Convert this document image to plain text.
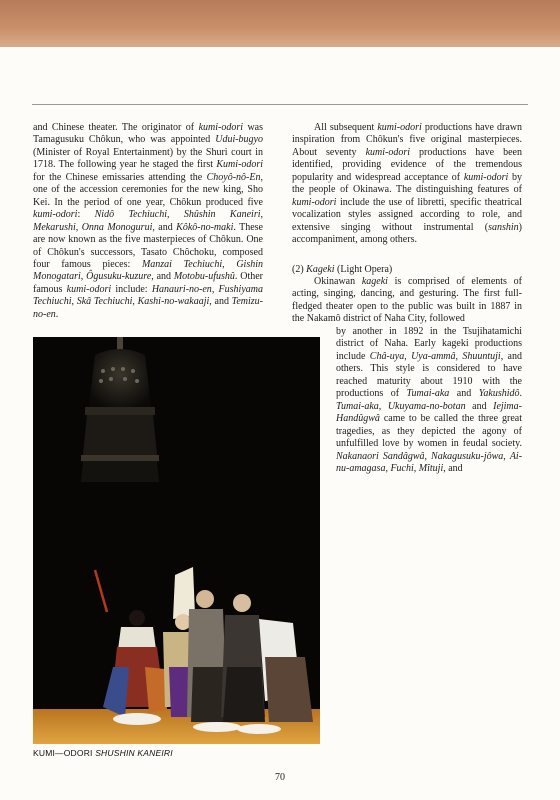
and Chinese theater. The originator of kumi-odori was Tamagusuku Chôkun, who was appointed Udui-bugyo (Minister of Royal Entertainment) by the Shuri court in 1718. The following year he staged the first Kumi-odori for the Chinese emissaries attending the Choyô-nô-En, one of the accession ceremonies for the new king, Sho Kei. In the period of one year, Chôkun produced five kumi-odori: Nidô Techiuchi, Shûshin Kaneiri, Mekarushi, Onna Monogurui, and Kôkô-no-maki. These are now known as the five masterpieces of Chôkun. One of Chôkun's successors, Tasato Chôchoku, composed four famous pieces: Manzai Techiuchi, Gishin Monogatari, Ôgusuku-kuzure, and Motobu-ufushû. Other famous kumi-odori include: Hanauri-no-en, Fushiyama Techiuchi, Skâ Techiuchi, Kashi-no-wakaaji, and Temizu-no-en.

All subsequent kumi-odori productions have drawn inspiration from Chôkun's five original masterpieces. About seventy kumi-odori productions have been identified, providing evidence of the tremendous popularity and widespread acceptance of kumi-odori by the people of Okinawa. The distinguishing features of kumi-odori include the use of libretti, specific theatrical vocalization styles assigned according to role, and extensive singing without instrumental (sanshin) accompaniment, among others.

(2) Kageki (Light Opera)

Okinawan kageki is comprised of elements of acting, singing, dancing, and gesturing. The first full-fledged theater open to the public was built in 1887 in the Nakamô district of Naha City, followed

by another in 1892 in the Tsujihatamichi district of Naha. Early kageki productions include Châ-uya, Uya-ammâ, Shuuntuji, and others. This style is considered to have reached maturity about 1910 with the productions of Tumai-aka and Yakushidô. Tumai-aka, Ukuyama-no-botan and Iejima-Handûgwâ came to be called the three great tragedies, as they depicted the agony of unfulfilled love by women in feudal society. Nakanaori Sandâgwâ, Nakagusuku-jôwa, Ai-nu-amagasa, Fuchi, Mîtuji, and

KUMI—ODORI SHUSHIN KANEIRI
70
